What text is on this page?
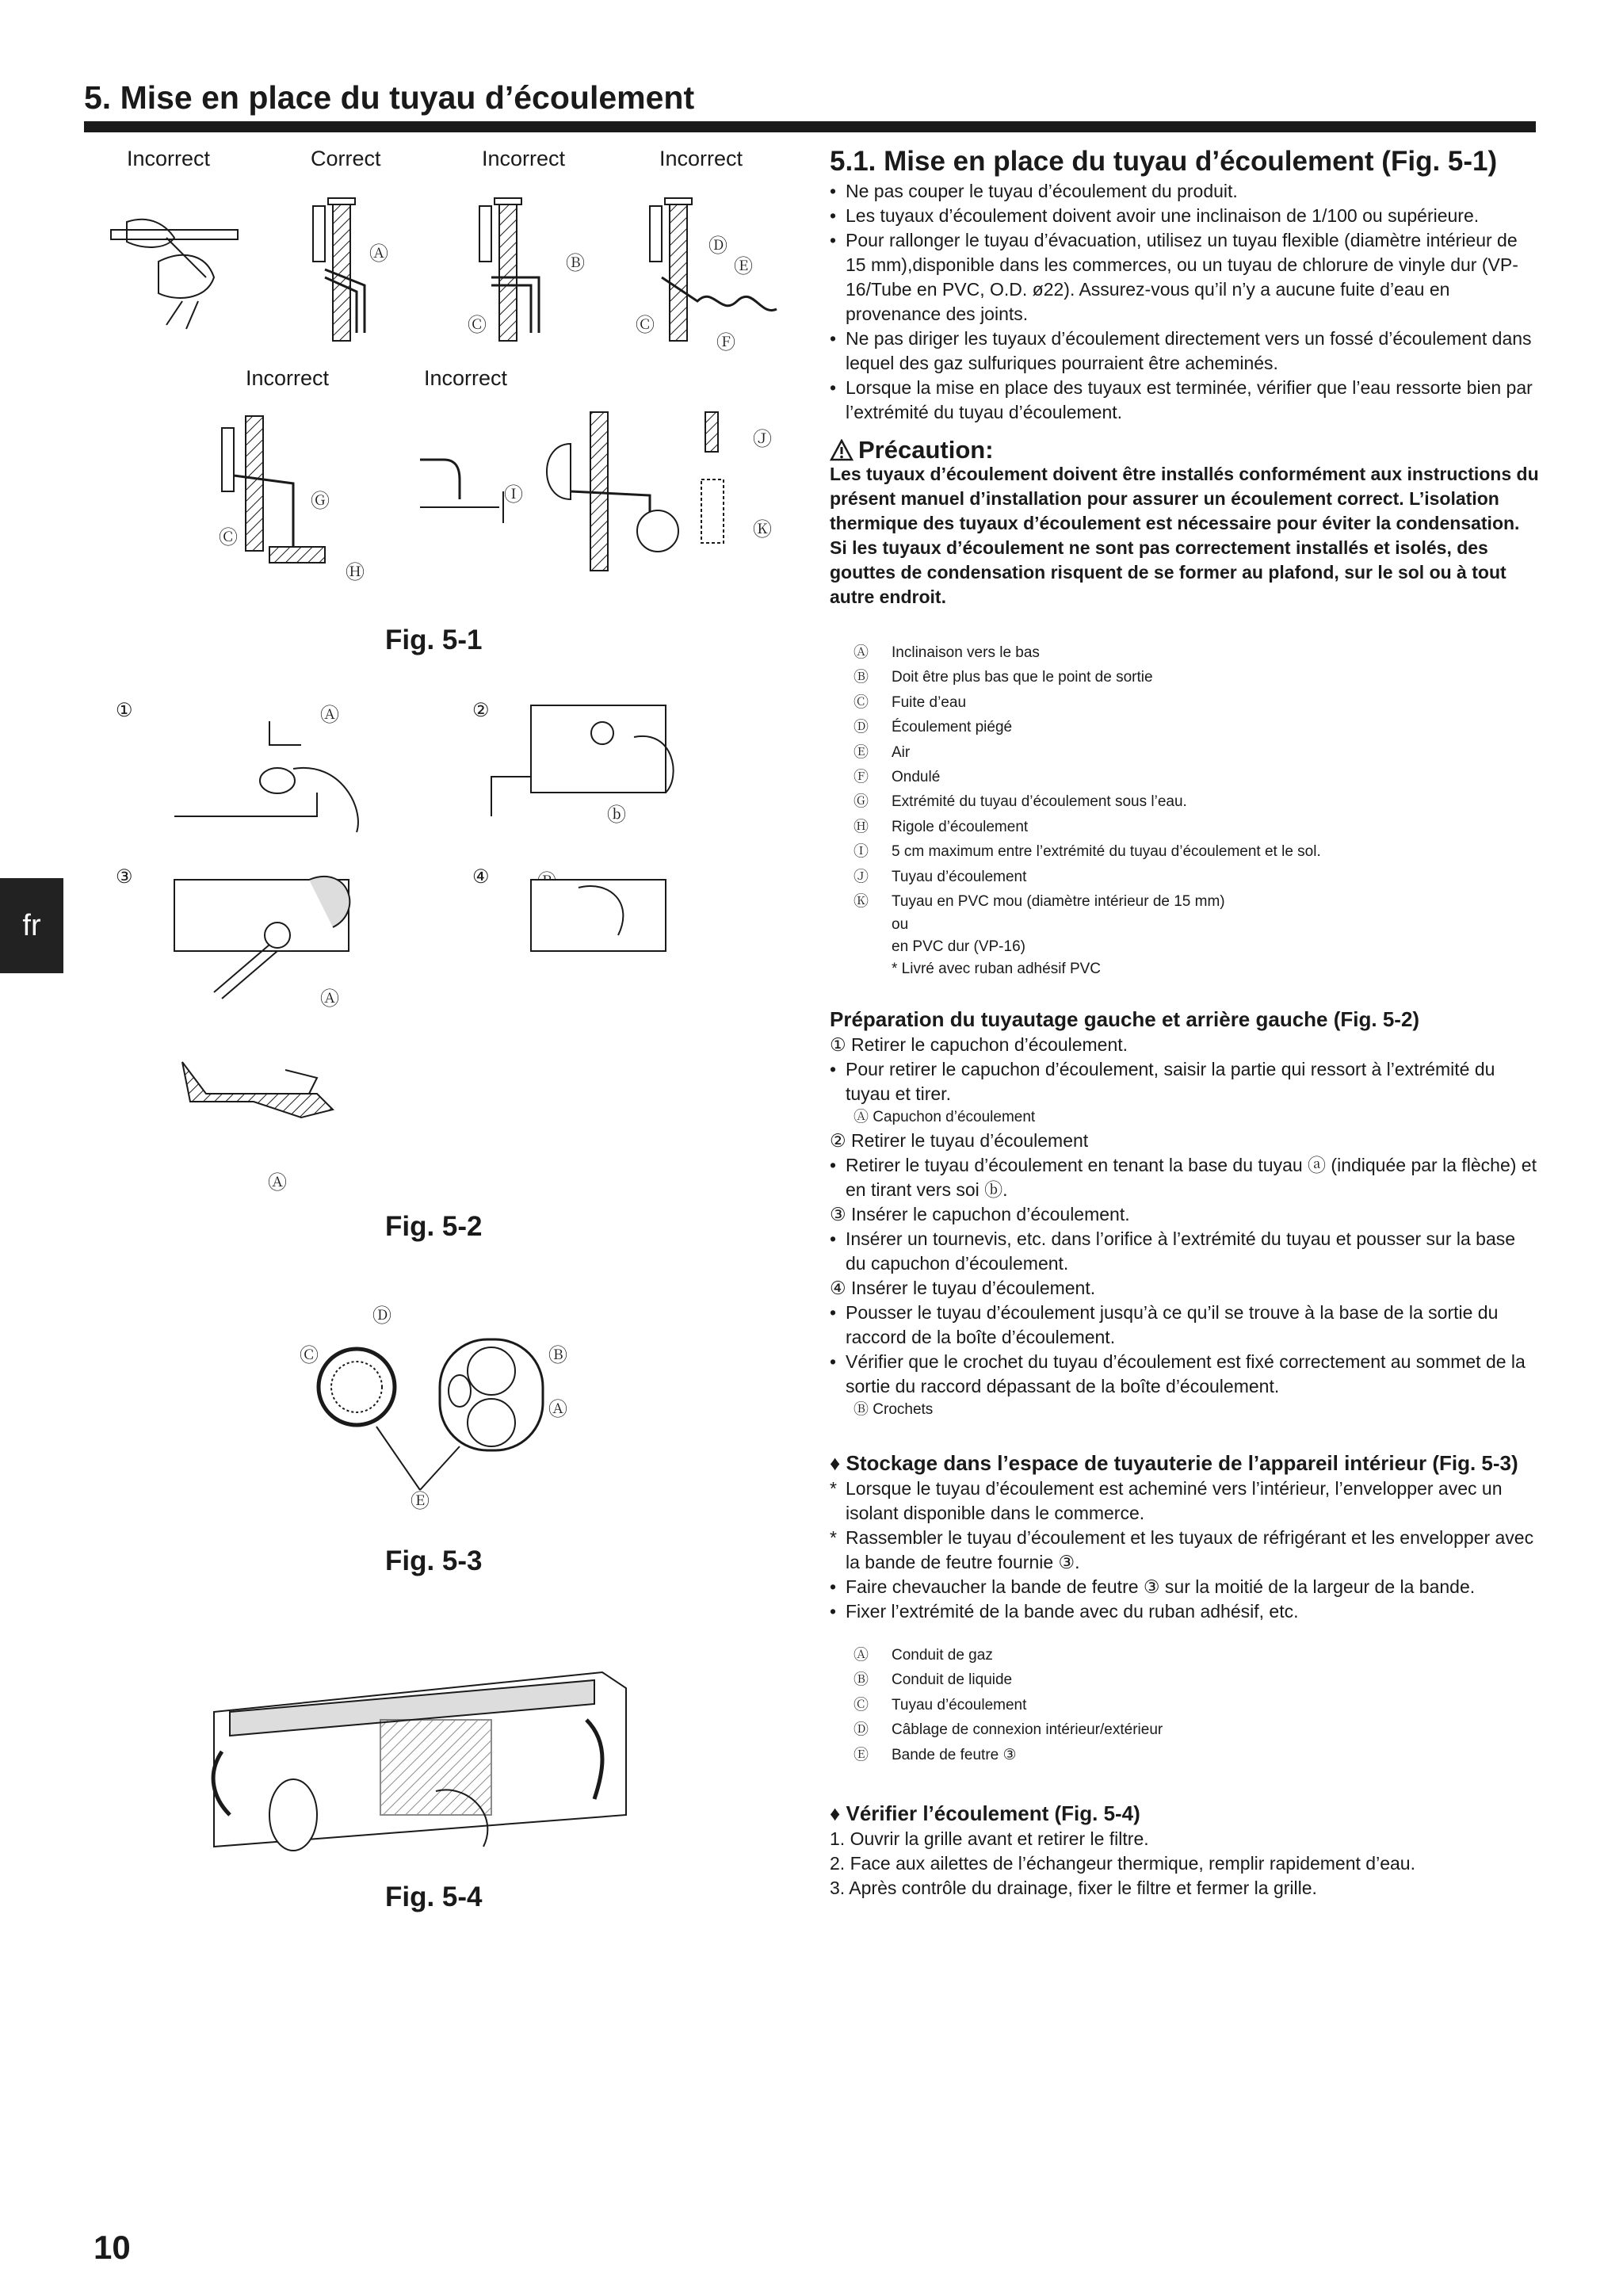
5. Mise en place du tuyau d’écoulement
fr
Incorrect	Correct	Incorrect	Incorrect
Incorrect	Incorrect
Ⓐ	Ⓑ
Ⓒ	Ⓒ
Ⓓ
Ⓔ
Ⓕ
Ⓖ
Ⓒ
Ⓗ
Ⓘ
Ⓙ
Ⓚ
Fig. 5-1
①	②
③	④
Ⓐ
ⓑ
Ⓐ
Ⓐ
Fig. 5-2
Ⓓ
Ⓒ	Ⓑ
Ⓐ
Ⓔ
Fig. 5-3
Fig. 5-4
5.1. Mise en place du tuyau d’écoulement (Fig. 5-1)
• Ne pas couper le tuyau d’écoulement du produit.
• Les tuyaux d’écoulement doivent avoir une inclinaison de 1/100 ou supérieure.
• Pour rallonger le tuyau d’évacuation, utilisez un tuyau flexible (diamètre intérieur de 15 mm),disponible dans les commerces, ou un tuyau de chlorure de vinyle dur (VP-16/Tube en PVC, O.D. ø22). Assurez-vous qu’il n’y a aucune fuite d’eau en provenance des joints.
• Ne pas diriger les tuyaux d’écoulement directement vers un fossé d’écoulement dans lequel des gaz sulfuriques pourraient être acheminés.
• Lorsque la mise en place des tuyaux est terminée, vérifier que l’eau ressorte bien par l’extrémité du tuyau d’écoulement.
Précaution:
Les tuyaux d’écoulement doivent être installés conformément aux instructions du présent manuel d’installation pour assurer un écoulement correct. L’isolation thermique des tuyaux d’écoulement est nécessaire pour éviter la condensation. Si les tuyaux d’écoulement ne sont pas correctement installés et isolés, des gouttes de condensation risquent de se former au plafond, sur le sol ou à tout autre endroit.
Ⓐ	Inclinaison vers le bas
Ⓑ	Doit être plus bas que le point de sortie
Ⓒ	Fuite d’eau
Ⓓ	Écoulement piégé
Ⓔ	Air
Ⓕ	Ondulé
Ⓖ	Extrémité du tuyau d’écoulement sous l’eau.
Ⓗ	Rigole d’écoulement
Ⓘ	5 cm maximum entre l’extrémité du tuyau d’écoulement et le sol.
Ⓙ	Tuyau d’écoulement
Ⓚ	Tuyau en PVC mou (diamètre intérieur de 15 mm)
ou
en PVC dur (VP-16)
* Livré avec ruban adhésif PVC
Préparation du tuyautage gauche et arrière gauche (Fig. 5-2)
① Retirer le capuchon d’écoulement.
• Pour retirer le capuchon d’écoulement, saisir la partie qui ressort à l’extrémité du tuyau et tirer.
Ⓐ Capuchon d’écoulement
② Retirer le tuyau d’écoulement
• Retirer le tuyau d’écoulement en tenant la base du tuyau ⓐ (indiquée par la flèche) et en tirant vers soi ⓑ.
③ Insérer le capuchon d’écoulement.
• Insérer un tournevis, etc. dans l’orifice à l’extrémité du tuyau et pousser sur la base du capuchon d’écoulement.
④ Insérer le tuyau d’écoulement.
• Pousser le tuyau d’écoulement jusqu’à ce qu’il se trouve à la base de la sortie du raccord de la boîte d’écoulement.
• Vérifier que le crochet du tuyau d’écoulement est fixé correctement au sommet de la sortie du raccord dépassant de la boîte d’écoulement.
Ⓑ Crochets
♦ Stockage dans l’espace de tuyauterie de l’appareil intérieur (Fig. 5-3)
* Lorsque le tuyau d’écoulement est acheminé vers l’intérieur, l’envelopper avec un isolant disponible dans le commerce.
* Rassembler le tuyau d’écoulement et les tuyaux de réfrigérant et les envelopper avec la bande de feutre fournie ③.
• Faire chevaucher la bande de feutre ③ sur la moitié de la largeur de la bande.
• Fixer l’extrémité de la bande avec du ruban adhésif, etc.
Ⓐ	Conduit de gaz
Ⓑ	Conduit de liquide
Ⓒ	Tuyau d’écoulement
Ⓓ	Câblage de connexion intérieur/extérieur
Ⓔ	Bande de feutre ③
♦ Vérifier l’écoulement (Fig. 5-4)
1. Ouvrir la grille avant et retirer le filtre.
2. Face aux ailettes de l’échangeur thermique, remplir rapidement d’eau.
3. Après contrôle du drainage, fixer le filtre et fermer la grille.
10
